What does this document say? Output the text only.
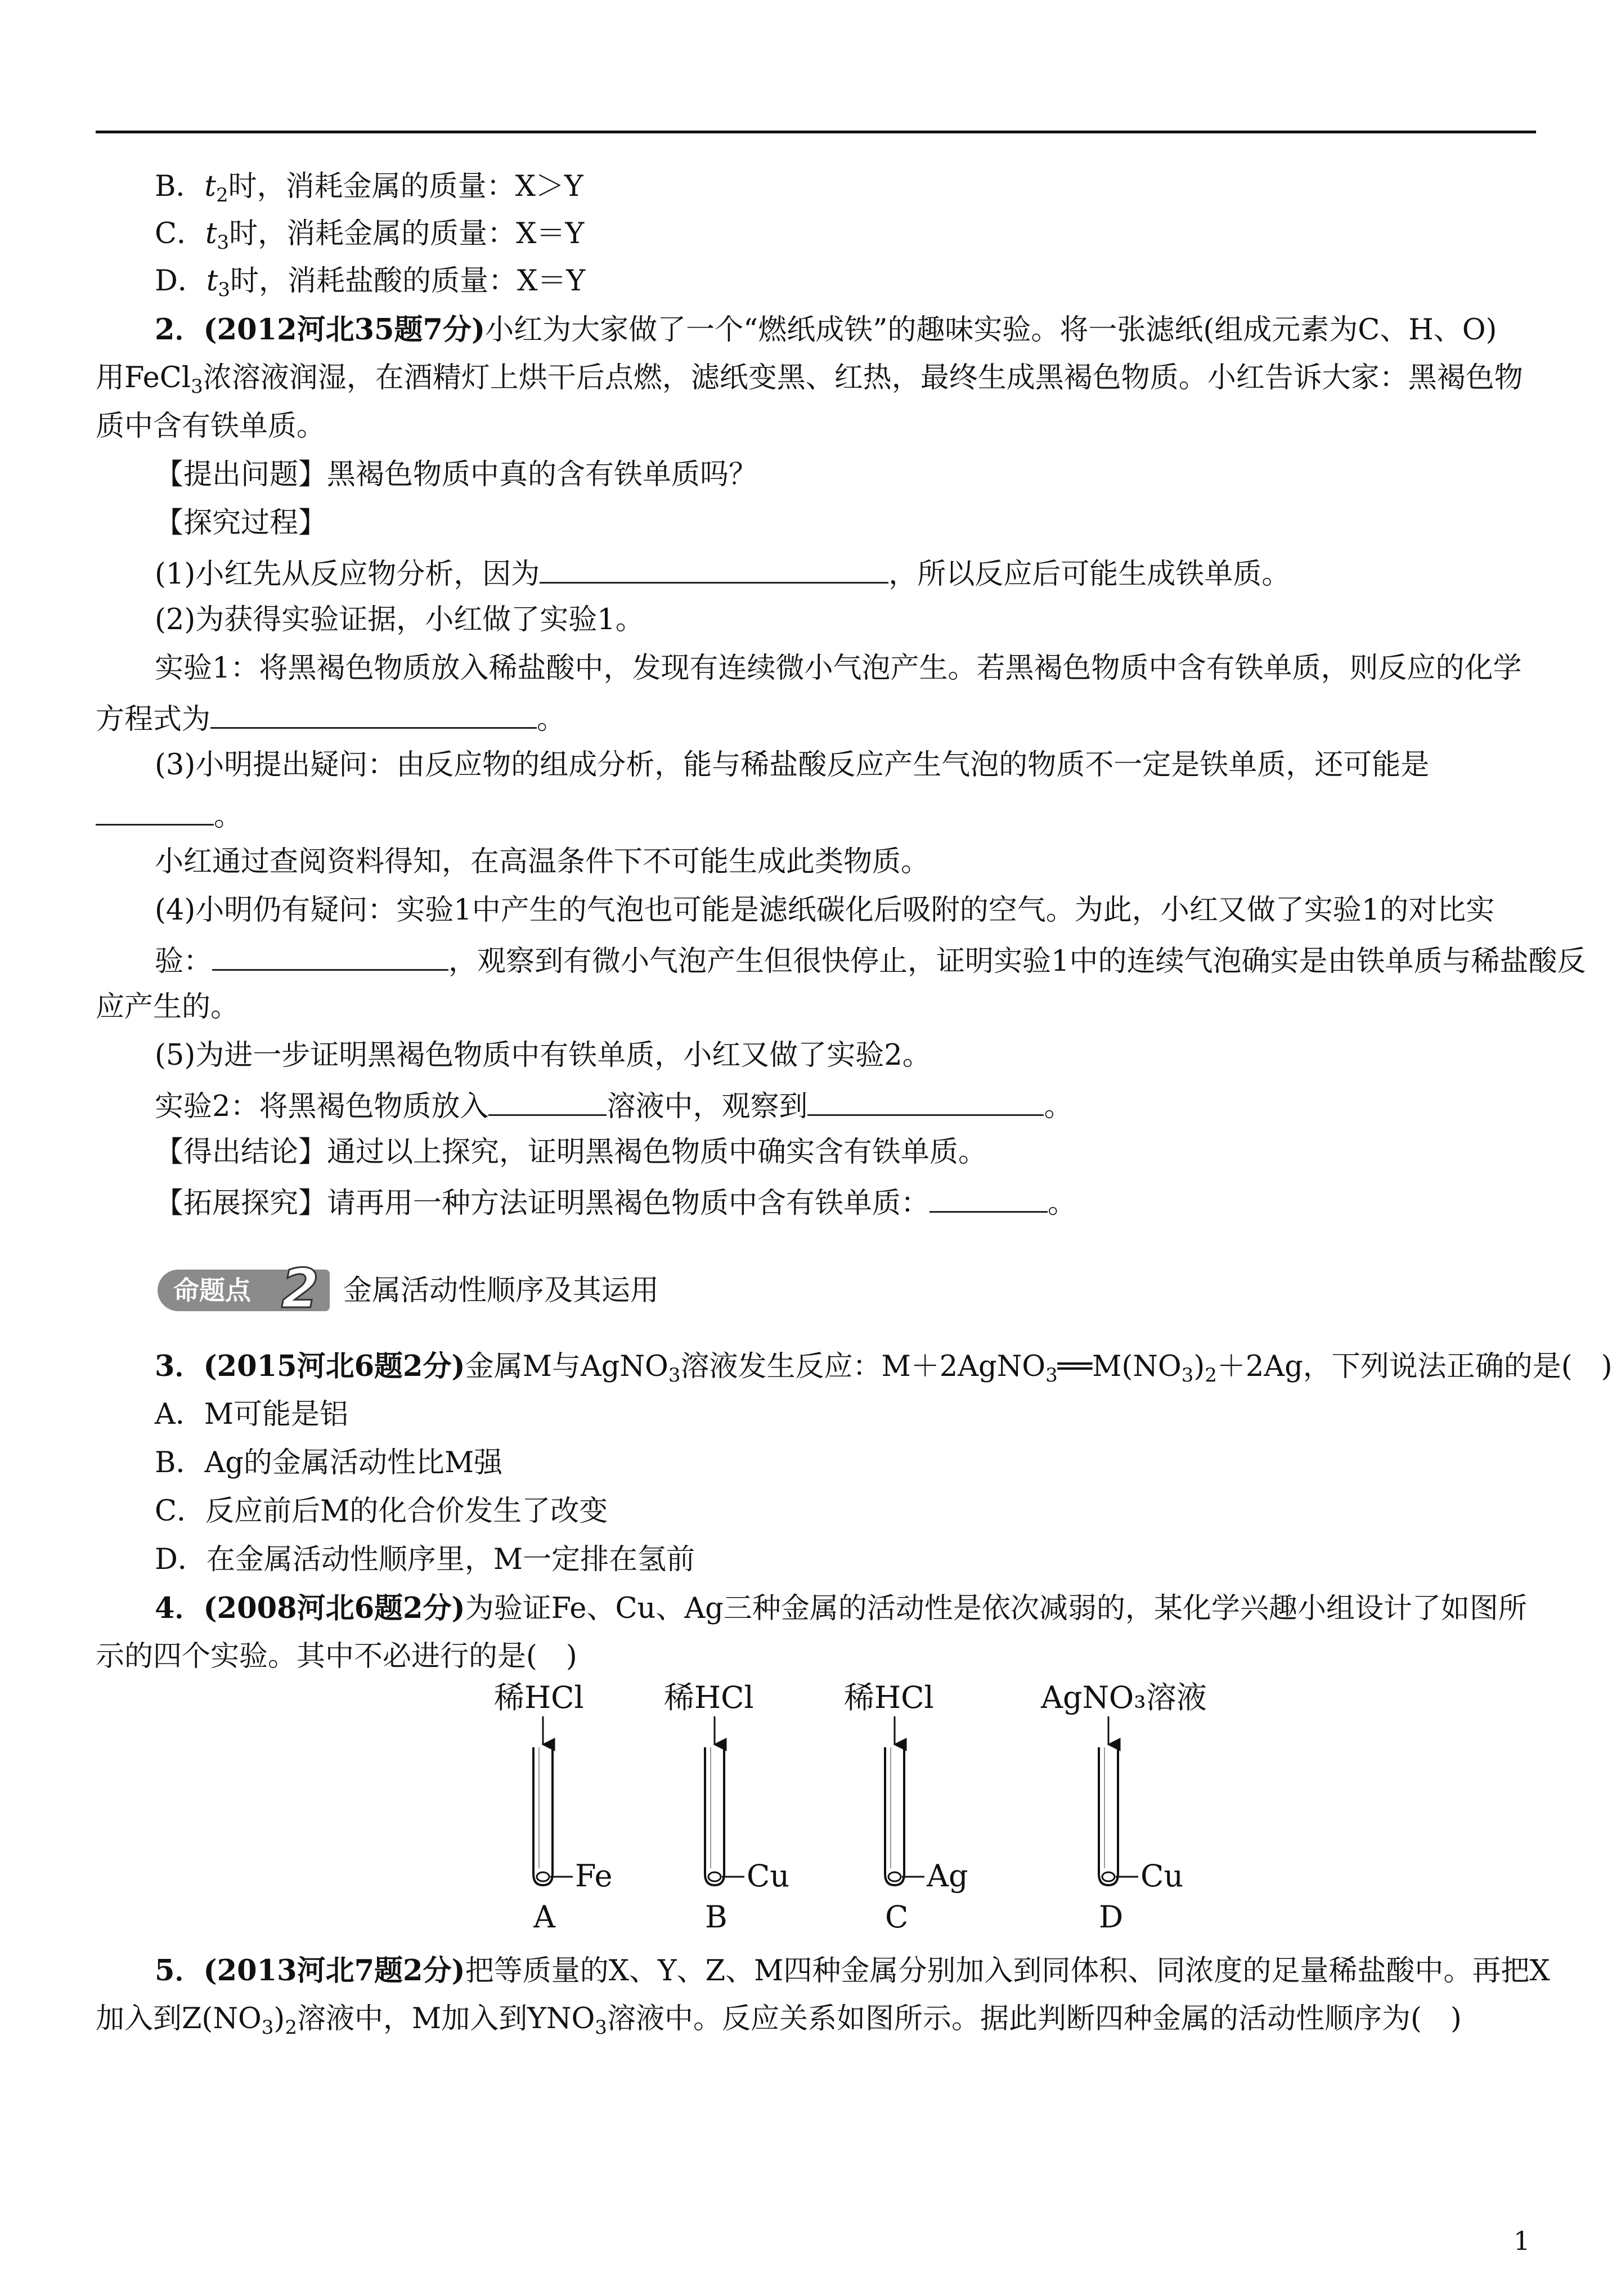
B．$t_2$时，消耗金属的质量：X＞Y
C．$t_3$时，消耗金属的质量：X＝Y
D．$t_3$时，消耗盐酸的质量：X＝Y
2．(2012河北35题7分)小红为大家做了一个“燃纸成铁”的趣味实验。将一张滤纸(组成元素为C、H、O)
用FeCl$_3$浓溶液润湿，在酒精灯上烘干后点燃，滤纸变黑、红热，最终生成黑褐色物质。小红告诉大家：黑褐色物
质中含有铁单质。
【提出问题】黑褐色物质中真的含有铁单质吗？
【探究过程】
(1)小红先从反应物分析，因为	，所以反应后可能生成铁单质。
(2)为获得实验证据，小红做了实验1。
实验1：将黑褐色物质放入稀盐酸中，发现有连续微小气泡产生。若黑褐色物质中含有铁单质，则反应的化学
方程式为	。
(3)小明提出疑问：由反应物的组成分析，能与稀盐酸反应产生气泡的物质不一定是铁单质，还可能是
。
小红通过查阅资料得知，在高温条件下不可能生成此类物质。
(4)小明仍有疑问：实验1中产生的气泡也可能是滤纸碳化后吸附的空气。为此，小红又做了实验1的对比实
验：	，观察到有微小气泡产生但很快停止，证明实验1中的连续气泡确实是由铁单质与稀盐酸反
应产生的。
(5)为进一步证明黑褐色物质中有铁单质，小红又做了实验2。
实验2：将黑褐色物质放入	溶液中，观察到	。
【得出结论】通过以上探究，证明黑褐色物质中确实含有铁单质。
【拓展探究】请再用一种方法证明黑褐色物质中含有铁单质：	。
命题点 2 金属活动性顺序及其运用
3．(2015河北6题2分)金属M与AgNO$_3$溶液发生反应：$M+2AgNO_3══M(NO_3)_2+2Ag$，下列说法正确的是(　)
A．M可能是铝
B．Ag的金属活动性比M强
C．反应前后M的化合价发生了改变
D．在金属活动性顺序里，M一定排在氢前
4．(2008河北6题2分)为验证Fe、Cu、Ag三种金属的活动性是依次减弱的，某化学兴趣小组设计了如图所
示的四个实验。其中不必进行的是(　)
稀HCl
Fe
A
稀HCl
Cu
B
稀HCl
Ag
C
AgNO₃溶液
Cu
D
5．(2013河北7题2分)把等质量的X、Y、Z、M四种金属分别加入到同体积、同浓度的足量稀盐酸中。再把X
加入到$Z(NO_3)_2$溶液中，M加入到$YNO_3$溶液中。反应关系如图所示。据此判断四种金属的活动性顺序为(　)
1
